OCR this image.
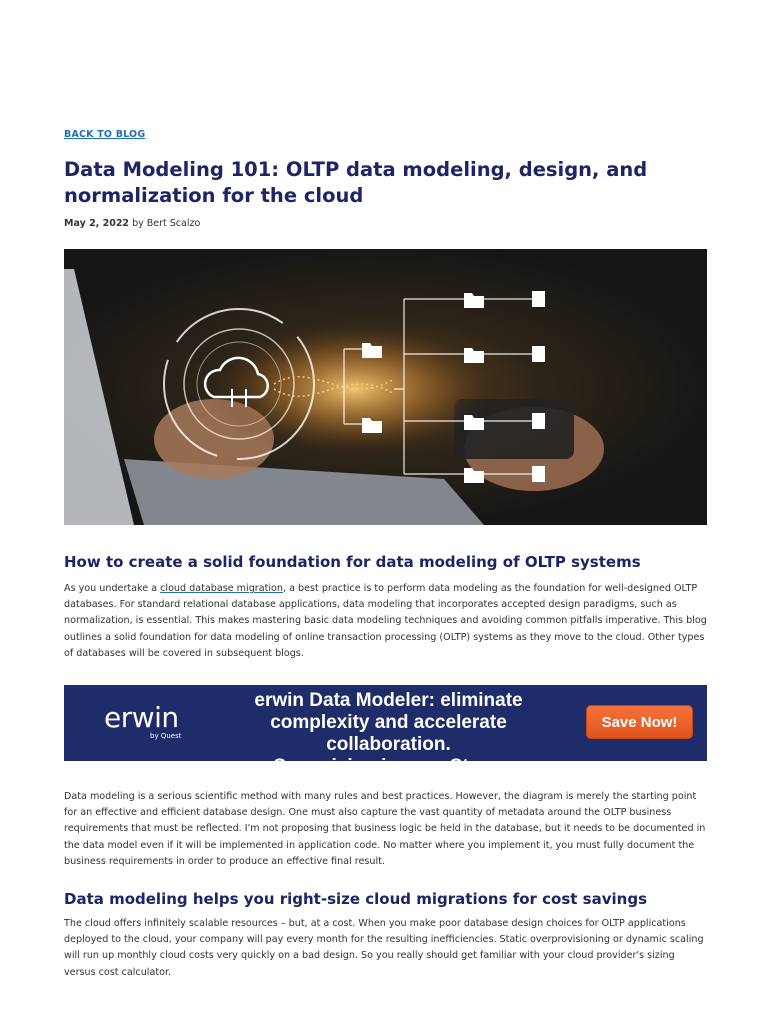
BACK TO BLOG
Data Modeling 101: OLTP data modeling, design, and normalization for the cloud
May 2, 2022 by Bert Scalzo
How to create a solid foundation for data modeling of OLTP systems

As you undertake a cloud database migration, a best practice is to perform data modeling as the foundation for well-designed OLTP databases. For standard relational database applications, data modeling that incorporates accepted design paradigms, such as normalization, is essential. This makes mastering basic data modeling techniques and avoiding common pitfalls imperative. This blog outlines a solid foundation for data modeling of online transaction processing (OLTP) systems as they move to the cloud. Other types of databases will be covered in subsequent blogs.

erwin
by Quest
erwin Data Modeler: eliminate
complexity and accelerate collaboration.
See pricing in our eStore.
Save Now!

Data modeling is a serious scientific method with many rules and best practices. However, the diagram is merely the starting point for an effective and efficient database design. One must also capture the vast quantity of metadata around the OLTP business requirements that must be reflected. I'm not proposing that business logic be held in the database, but it needs to be documented in the data model even if it will be implemented in application code. No matter where you implement it, you must fully document the business requirements in order to produce an effective final result.

Data modeling helps you right-size cloud migrations for cost savings

The cloud offers infinitely scalable resources – but, at a cost. When you make poor database design choices for OLTP applications deployed to the cloud, your company will pay every month for the resulting inefficiencies. Static overprovisioning or dynamic scaling will run up monthly cloud costs very quickly on a bad design. So you really should get familiar with your cloud provider's sizing versus cost calculator.
